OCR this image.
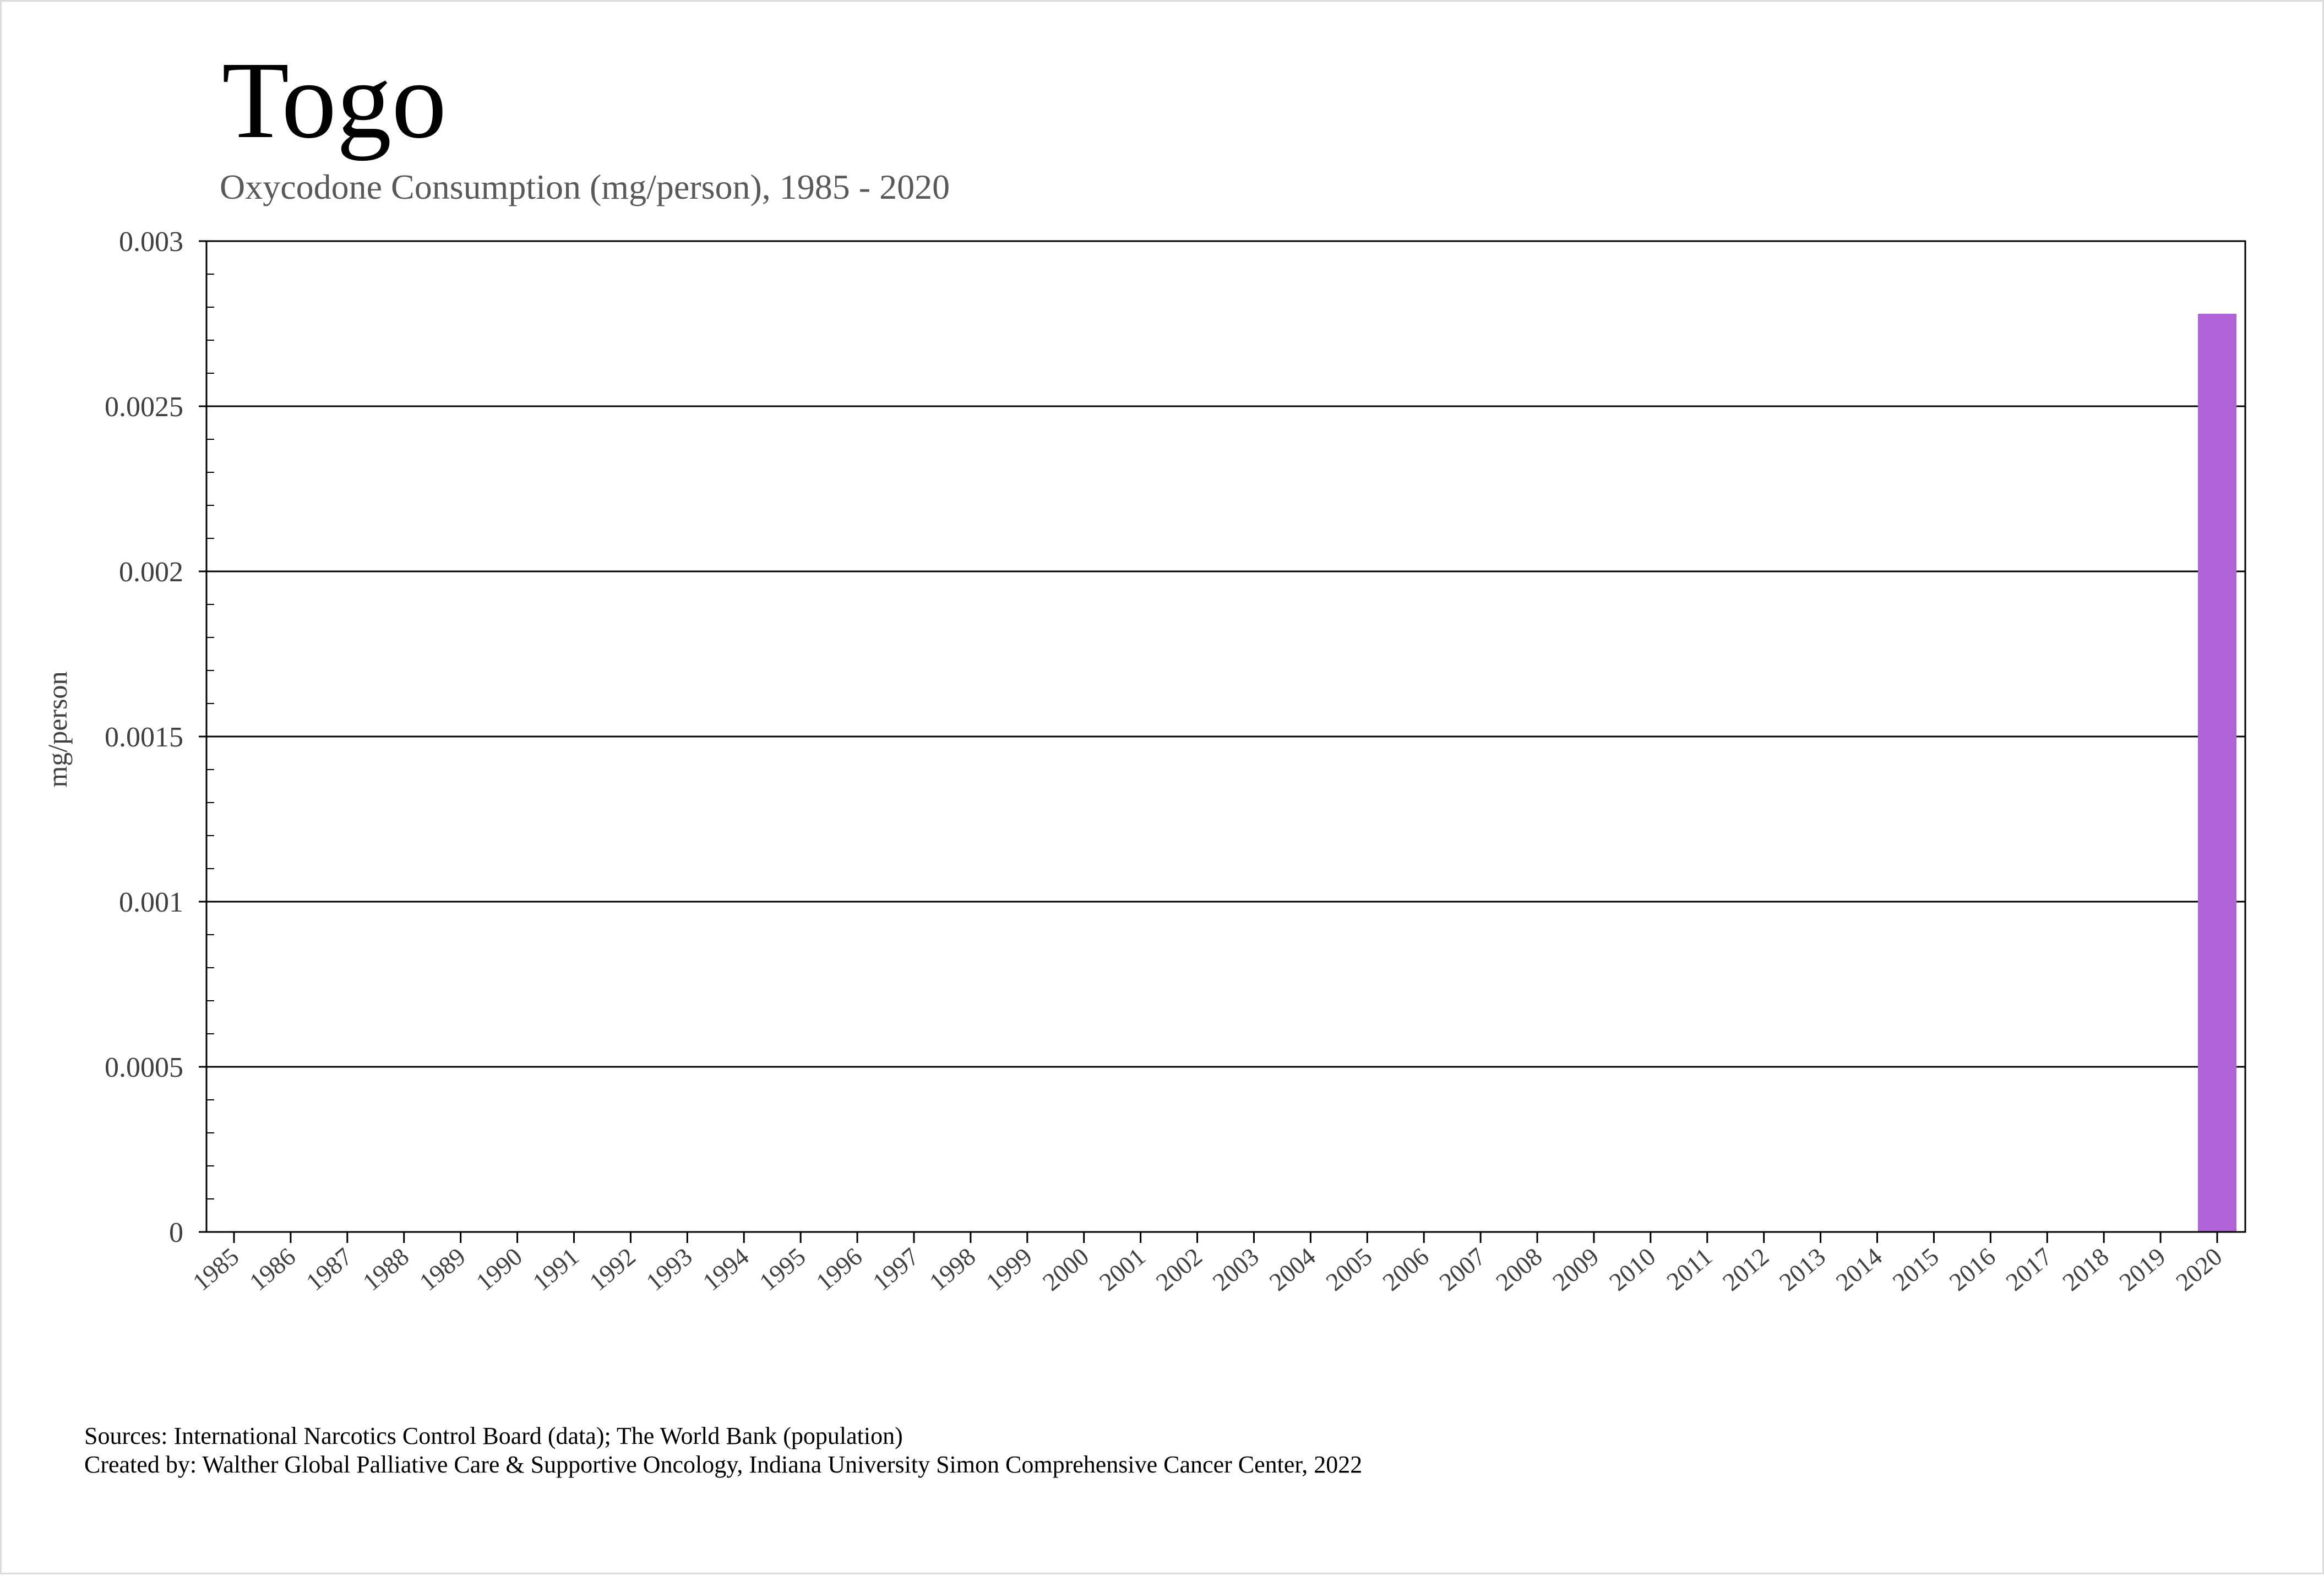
Togo
Oxycodone Consumption (mg/person), 1985 - 2020
0
0.0005
0.001
0.0015
0.002
0.0025
0.003
1985 1986 1987 1988 1989 1990 1991 1992 1993 1994 1995 1996 1997 1998 1999 2000 2001 2002 2003 2004 2005 2006 2007 2008 2009 2010 2011 2012 2013 2014 2015 2016 2017 2018 2019 2020
mg/person
Sources: International Narcotics Control Board (data); The World Bank (population)
Created by: Walther Global Palliative Care & Supportive Oncology, Indiana University Simon Comprehensive Cancer Center, 2022
